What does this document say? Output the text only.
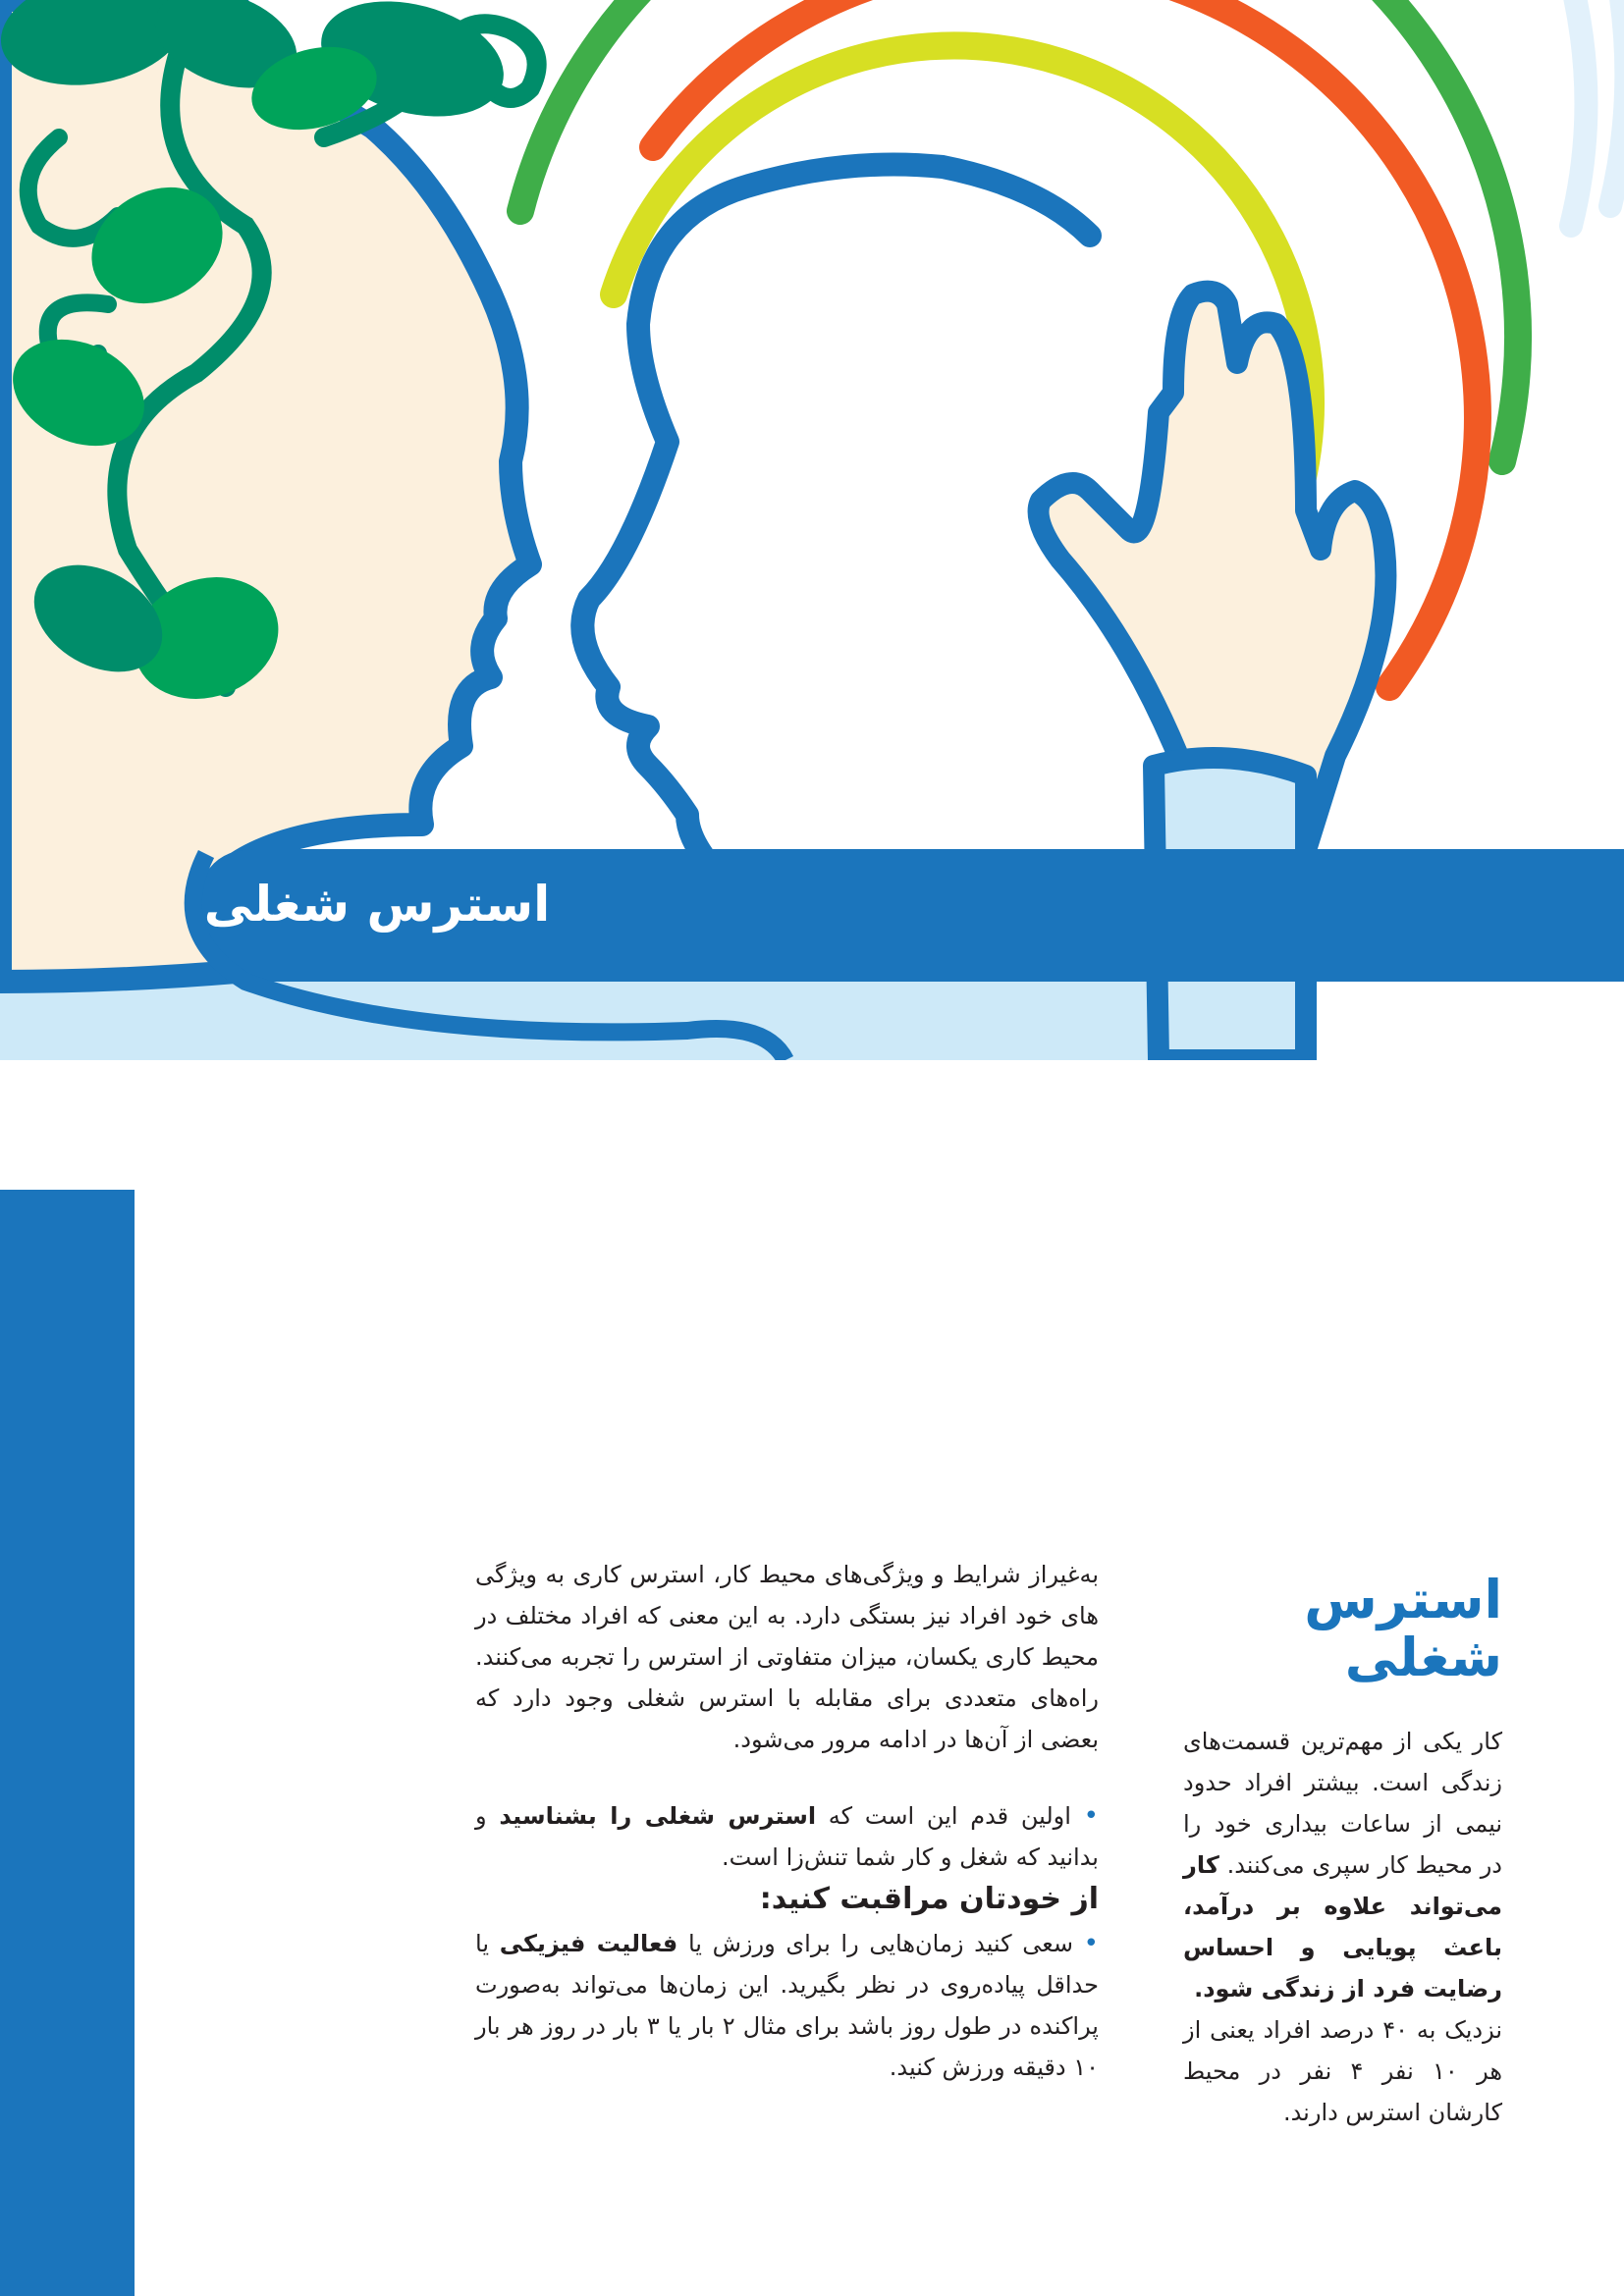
استرس شغلی
استرس شغلی

کار یکی از مهم‌ترین قسمت‌های زندگی است. بیشتر افراد حدود نیمی از ساعات بیداری خود را در محیط کار سپری می‌کنند. کار می‌تواند علاوه بر درآمد، باعث پویایی و احساس رضایت فرد از زندگی شود.

نزدیک به ۴۰ درصد افراد یعنی از هر ۱۰ نفر ۴ نفر در محیط کارشان استرس دارند.

به‌غیراز شرایط و ویژگی‌های محیط کار، استرس کاری به ویژگی های خود افراد نیز بستگی دارد. به این معنی که افراد مختلف در محیط کاری یکسان، میزان متفاوتی از استرس را تجربه می‌کنند. راه‌های متعددی برای مقابله با استرس شغلی وجود دارد که بعضی از آن‌ها در ادامه مرور می‌شود.

• اولین قدم این است که استرس شغلی را بشناسید و بدانید که شغل و کار شما تنش‌زا است.

از خودتان مراقبت کنید:

• سعی کنید زمان‌هایی را برای ورزش یا فعالیت فیزیکی یا حداقل پیاده‌روی در نظر بگیرید. این زمان‌ها می‌تواند به‌صورت پراکنده در طول روز باشد برای مثال ۲ بار یا ۳ بار در روز هر بار ۱۰ دقیقه ورزش کنید.
